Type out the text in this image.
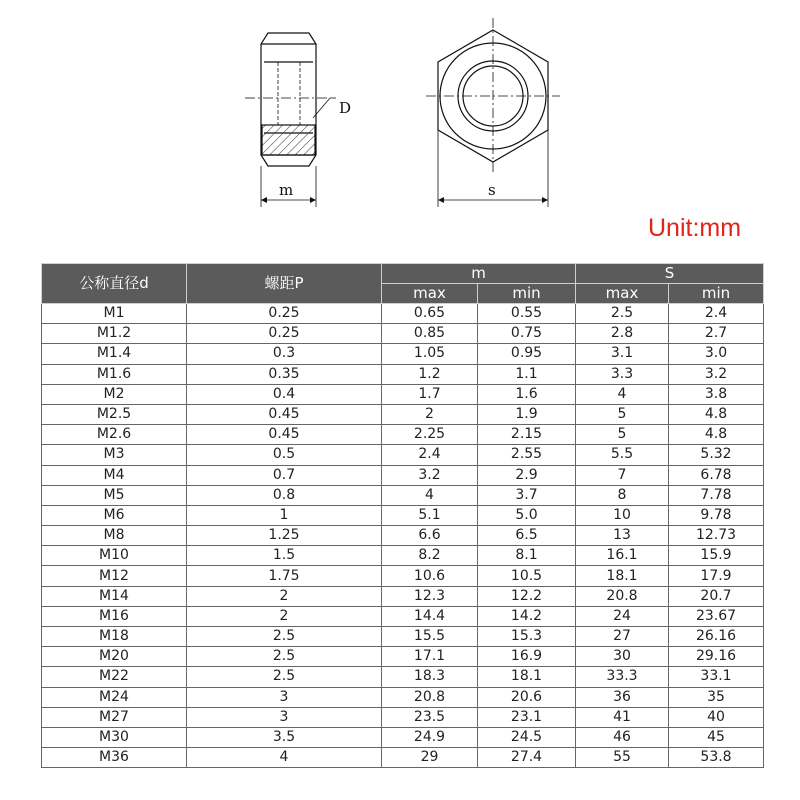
D
m	s
Unit:mm
公称直径d	螺距P	m		S	
		max	min	max	min
M1	0.25	0.65	0.55	2.5	2.4
M1.2	0.25	0.85	0.75	2.8	2.7
M1.4	0.3	1.05	0.95	3.1	3.0
M1.6	0.35	1.2	1.1	3.3	3.2
M2	0.4	1.7	1.6	4	3.8
M2.5	0.45	2	1.9	5	4.8
M2.6	0.45	2.25	2.15	5	4.8
M3	0.5	2.4	2.55	5.5	5.32
M4	0.7	3.2	2.9	7	6.78
M5	0.8	4	3.7	8	7.78
M6	1	5.1	5.0	10	9.78
M8	1.25	6.6	6.5	13	12.73
M10	1.5	8.2	8.1	16.1	15.9
M12	1.75	10.6	10.5	18.1	17.9
M14	2	12.3	12.2	20.8	20.7
M16	2	14.4	14.2	24	23.67
M18	2.5	15.5	15.3	27	26.16
M20	2.5	17.1	16.9	30	29.16
M22	2.5	18.3	18.1	33.3	33.1
M24	3	20.8	20.6	36	35
M27	3	23.5	23.1	41	40
M30	3.5	24.9	24.5	46	45
M36	4	29	27.4	55	53.8
